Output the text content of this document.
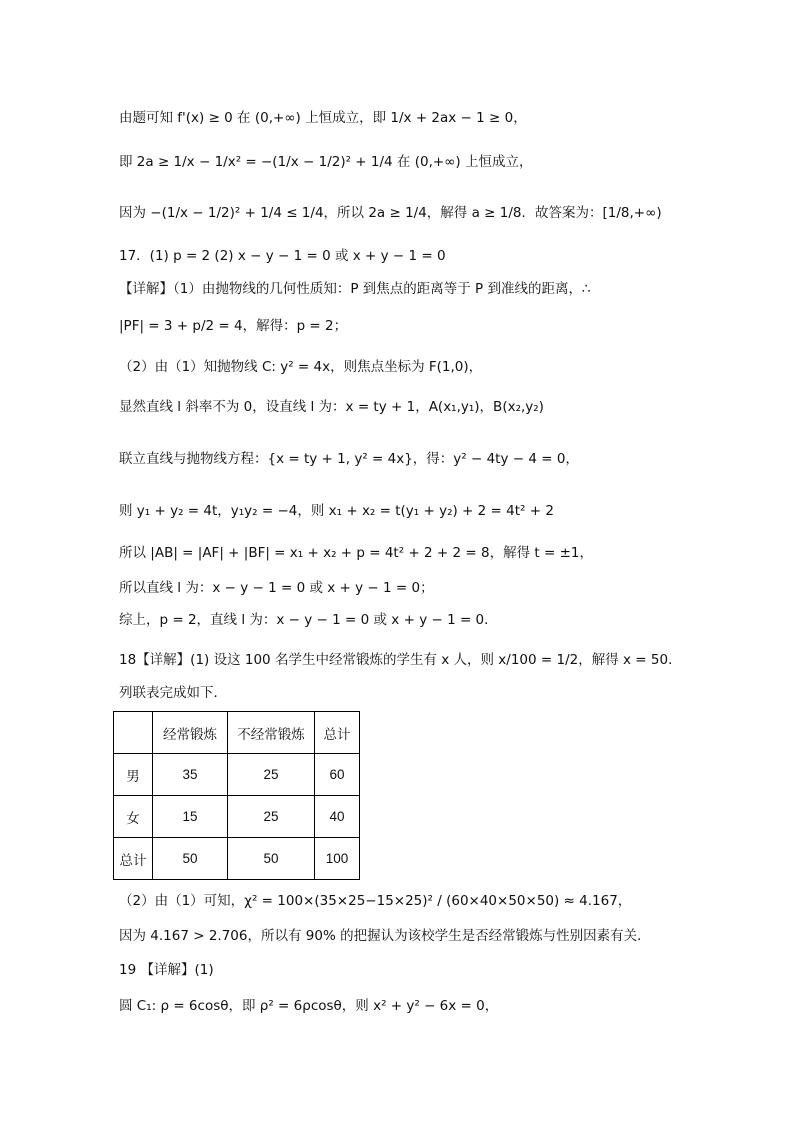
由题可知 f'(x) ≥ 0 在 (0,+∞) 上恒成立，即 1/x + 2ax − 1 ≥ 0，
即 2a ≥ 1/x − 1/x² = −(1/x − 1/2)² + 1/4 在 (0,+∞) 上恒成立，
因为 −(1/x − 1/2)² + 1/4 ≤ 1/4，所以 2a ≥ 1/4，解得 a ≥ 1/8．故答案为：[1/8,+∞)
17．(1) p = 2 (2) x − y − 1 = 0 或 x + y − 1 = 0
【详解】（1）由抛物线的几何性质知：P 到焦点的距离等于 P 到准线的距离，∴
|PF| = 3 + p/2 = 4，解得：p = 2；
（2）由（1）知抛物线 C: y² = 4x，则焦点坐标为 F(1,0)，
显然直线 l 斜率不为 0，设直线 l 为：x = ty + 1，A(x₁,y₁)，B(x₂,y₂)
联立直线与抛物线方程：{x = ty + 1, y² = 4x}，得：y² − 4ty − 4 = 0，
则 y₁ + y₂ = 4t，y₁y₂ = −4，则 x₁ + x₂ = t(y₁ + y₂) + 2 = 4t² + 2
所以 |AB| = |AF| + |BF| = x₁ + x₂ + p = 4t² + 2 + 2 = 8，解得 t = ±1，
所以直线 l 为：x − y − 1 = 0 或 x + y − 1 = 0；
综上，p = 2，直线 l 为：x − y − 1 = 0 或 x + y − 1 = 0．
18【详解】(1) 设这 100 名学生中经常锻炼的学生有 x 人，则 x/100 = 1/2，解得 x = 50．
列联表完成如下．
	经常锻炼	不经常锻炼	总计
男	35	25	60
女	15	25	40
总计	50	50	100
（2）由（1）可知，χ² = 100×(35×25−15×25)² / (60×40×50×50) ≈ 4.167，
因为 4.167 > 2.706，所以有 90% 的把握认为该校学生是否经常锻炼与性别因素有关．
19 【详解】(1)
圆 C₁: ρ = 6cosθ，即 ρ² = 6ρcosθ，则 x² + y² − 6x = 0，
